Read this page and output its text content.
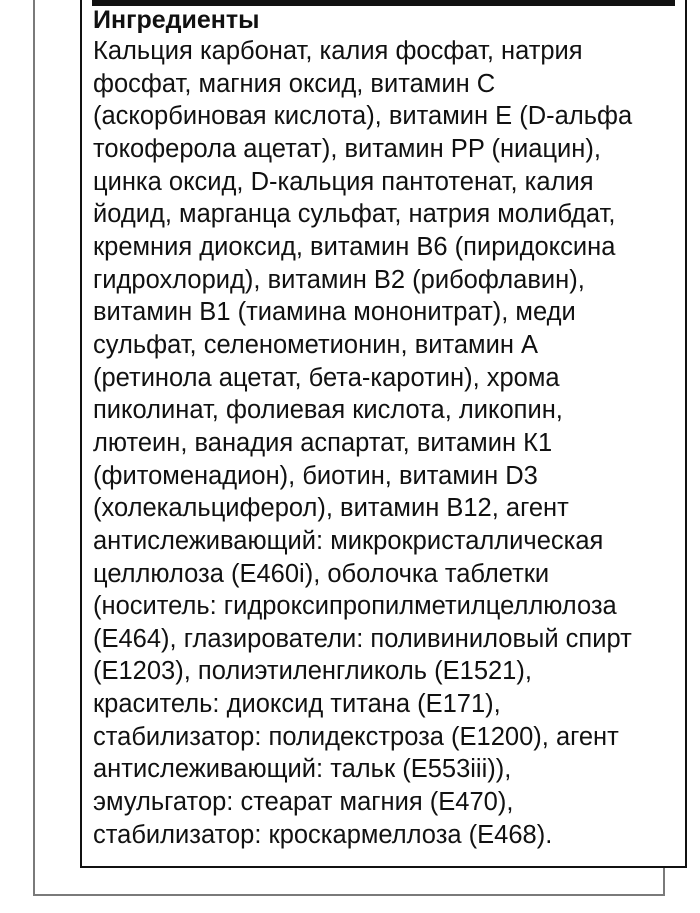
Ингредиенты
Кальция карбонат, калия фосфат, натрия
фосфат, магния оксид, витамин С
(аскорбиновая кислота), витамин Е (D-альфа
токоферола ацетат), витамин PP (ниацин),
цинка оксид, D-кальция пантотенат, калия
йодид, марганца сульфат, натрия молибдат,
кремния диоксид, витамин В6 (пиридоксина
гидрохлорид), витамин В2 (рибофлавин),
витамин В1 (тиамина мононитрат), меди
сульфат, селенометионин, витамин А
(ретинола ацетат, бета-каротин), хрома
пиколинат, фолиевая кислота, ликопин,
лютеин, ванадия аспартат, витамин К1
(фитоменадион), биотин, витамин D3
(холекальциферол), витамин В12, агент
антислеживающий: микрокристаллическая
целлюлоза (Е460i), оболочка таблетки
(носитель: гидроксипропилметилцеллюлоза
(Е464), глазирователи: поливиниловый спирт
(Е1203), полиэтиленгликоль (Е1521),
краситель: диоксид титана (Е171),
стабилизатор: полидекстроза (Е1200), агент
антислеживающий: тальк (Е553iii)),
эмульгатор: стеарат магния (Е470),
стабилизатор: кроскармеллоза (Е468).
